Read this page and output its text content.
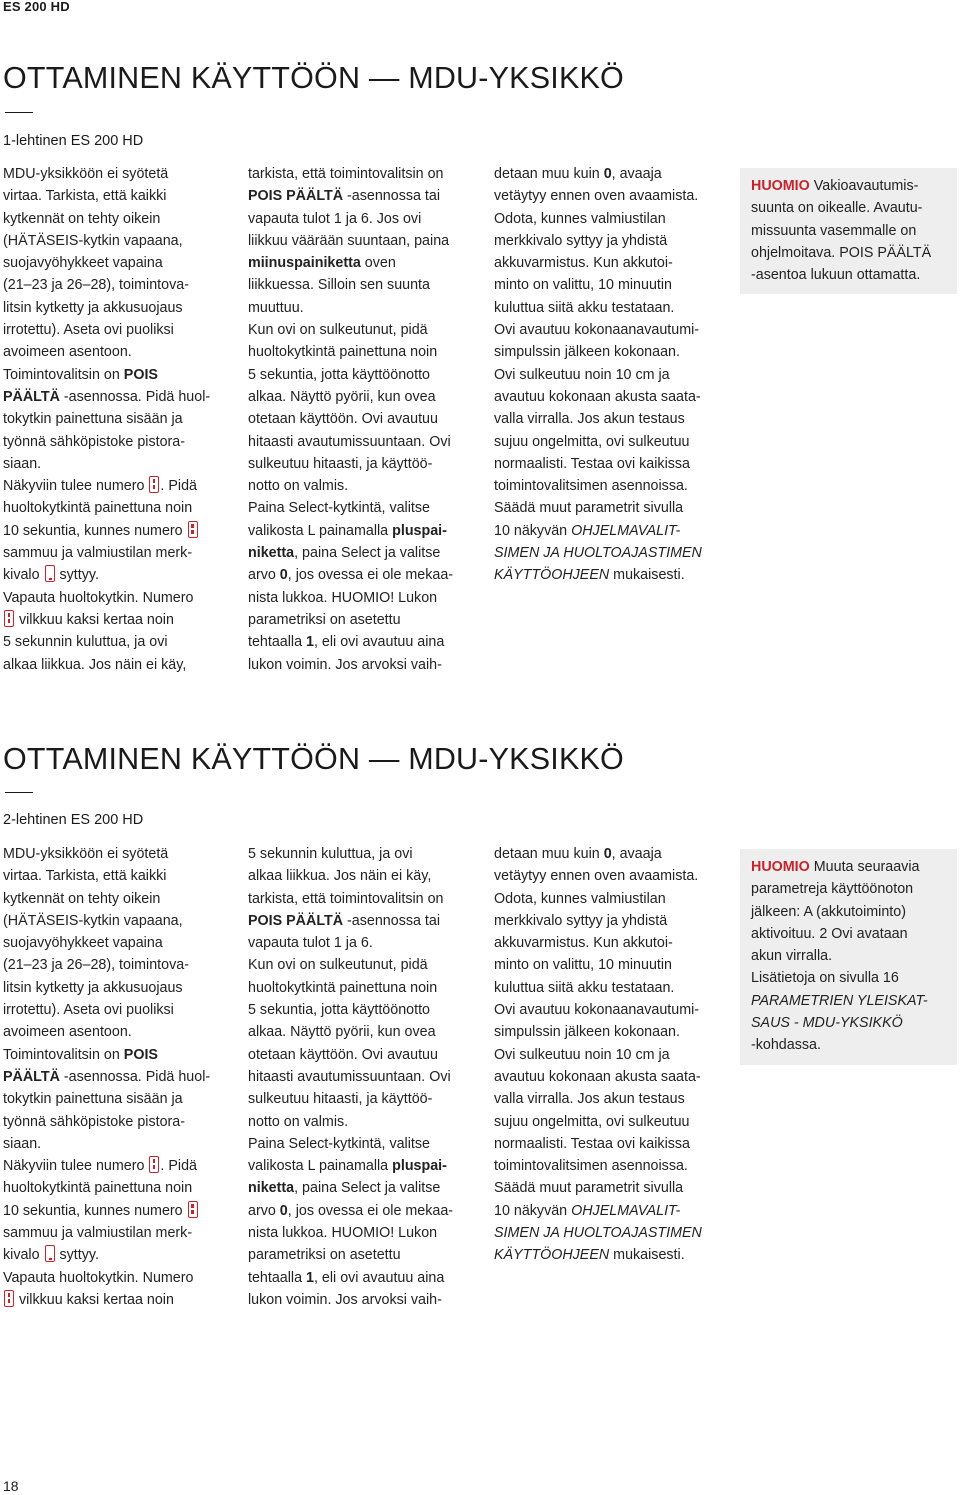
ES 200 HD
OTTAMINEN KÄYTTÖÖN — MDU-YKSIKKÖ
1-lehtinen ES 200 HD
MDU-yksikköön ei syötetä
virtaa. Tarkista, että kaikki
kytkennät on tehty oikein
(HÄTÄSEIS-kytkin vapaana,
suojavyöhykkeet vapaina
(21–23 ja 26–28), toimintova-
litsin kytketty ja akkusuojaus
irrotettu). Aseta ovi puoliksi
avoimeen asentoon.
Toimintovalitsin on POIS
PÄÄLTÄ -asennossa. Pidä huol-
tokytkin painettuna sisään ja
työnnä sähköpistoke pistora-
siaan.
Näkyviin tulee numero
. Pidä
huoltokytkintä painettuna noin
10 sekuntia, kunnes numero
sammuu ja valmiustilan merk-
kivalo
syttyy.
Vapauta huoltokytkin. Numero
vilkkuu kaksi kertaa noin
5 sekunnin kuluttua, ja ovi
alkaa liikkua. Jos näin ei käy,
tarkista, että toimintovalitsin on
POIS PÄÄLTÄ -asennossa tai
vapauta tulot 1 ja 6. Jos ovi
liikkuu väärään suuntaan, paina
miinuspainiketta oven
liikkuessa. Silloin sen suunta
muuttuu.
Kun ovi on sulkeutunut, pidä
huoltokytkintä painettuna noin
5 sekuntia, jotta käyttöönotto
alkaa. Näyttö pyörii, kun ovea
otetaan käyttöön. Ovi avautuu
hitaasti avautumissuuntaan. Ovi
sulkeutuu hitaasti, ja käyttöö-
notto on valmis.
Paina Select-kytkintä, valitse
valikosta L painamalla pluspai-
niketta, paina Select ja valitse
arvo 0, jos ovessa ei ole mekaa-
nista lukkoa. HUOMIO! Lukon
parametriksi on asetettu
tehtaalla 1, eli ovi avautuu aina
lukon voimin. Jos arvoksi vaih-
detaan muu kuin 0, avaaja
vetäytyy ennen oven avaamista.
Odota, kunnes valmiustilan
merkkivalo syttyy ja yhdistä
akkuvarmistus. Kun akkutoi-
minto on valittu, 10 minuutin
kuluttua siitä akku testataan.
Ovi avautuu kokonaanavautumi-
simpulssin jälkeen kokonaan.
Ovi sulkeutuu noin 10 cm ja
avautuu kokonaan akusta saata-
valla virralla. Jos akun testaus
sujuu ongelmitta, ovi sulkeutuu
normaalisti. Testaa ovi kaikissa
toimintovalitsimen asennoissa.
Säädä muut parametrit sivulla
10 näkyvän OHJELMAVALIT-
SIMEN JA HUOLTOAJASTIMEN
KÄYTTÖOHJEEN mukaisesti.
HUOMIO Vakioavautumis-
suunta on oikealle. Avautu-
missuunta vasemmalle on
ohjelmoitava. POIS PÄÄLTÄ
-asentoa lukuun ottamatta.
OTTAMINEN KÄYTTÖÖN — MDU-YKSIKKÖ
2-lehtinen ES 200 HD
MDU-yksikköön ei syötetä
virtaa. Tarkista, että kaikki
kytkennät on tehty oikein
(HÄTÄSEIS-kytkin vapaana,
suojavyöhykkeet vapaina
(21–23 ja 26–28), toimintova-
litsin kytketty ja akkusuojaus
irrotettu). Aseta ovi puoliksi
avoimeen asentoon.
Toimintovalitsin on POIS
PÄÄLTÄ -asennossa. Pidä huol-
tokytkin painettuna sisään ja
työnnä sähköpistoke pistora-
siaan.
Näkyviin tulee numero
. Pidä
huoltokytkintä painettuna noin
10 sekuntia, kunnes numero
sammuu ja valmiustilan merk-
kivalo
syttyy.
Vapauta huoltokytkin. Numero
vilkkuu kaksi kertaa noin
5 sekunnin kuluttua, ja ovi
alkaa liikkua. Jos näin ei käy,
tarkista, että toimintovalitsin on
POIS PÄÄLTÄ -asennossa tai
vapauta tulot 1 ja 6.
Kun ovi on sulkeutunut, pidä
huoltokytkintä painettuna noin
5 sekuntia, jotta käyttöönotto
alkaa. Näyttö pyörii, kun ovea
otetaan käyttöön. Ovi avautuu
hitaasti avautumissuuntaan. Ovi
sulkeutuu hitaasti, ja käyttöö-
notto on valmis.
Paina Select-kytkintä, valitse
valikosta L painamalla pluspai-
niketta, paina Select ja valitse
arvo 0, jos ovessa ei ole mekaa-
nista lukkoa. HUOMIO! Lukon
parametriksi on asetettu
tehtaalla 1, eli ovi avautuu aina
lukon voimin. Jos arvoksi vaih-
detaan muu kuin 0, avaaja
vetäytyy ennen oven avaamista.
Odota, kunnes valmiustilan
merkkivalo syttyy ja yhdistä
akkuvarmistus. Kun akkutoi-
minto on valittu, 10 minuutin
kuluttua siitä akku testataan.
Ovi avautuu kokonaanavautumi-
simpulssin jälkeen kokonaan.
Ovi sulkeutuu noin 10 cm ja
avautuu kokonaan akusta saata-
valla virralla. Jos akun testaus
sujuu ongelmitta, ovi sulkeutuu
normaalisti. Testaa ovi kaikissa
toimintovalitsimen asennoissa.
Säädä muut parametrit sivulla
10 näkyvän OHJELMAVALIT-
SIMEN JA HUOLTOAJASTIMEN
KÄYTTÖOHJEEN mukaisesti.
HUOMIO Muuta seuraavia
parametreja käyttöönoton
jälkeen: A (akkutoiminto)
aktivoituu. 2 Ovi avataan
akun virralla.
Lisätietoja on sivulla 16
PARAMETRIEN YLEISKAT-
SAUS - MDU-YKSIKKÖ
-kohdassa.
18
